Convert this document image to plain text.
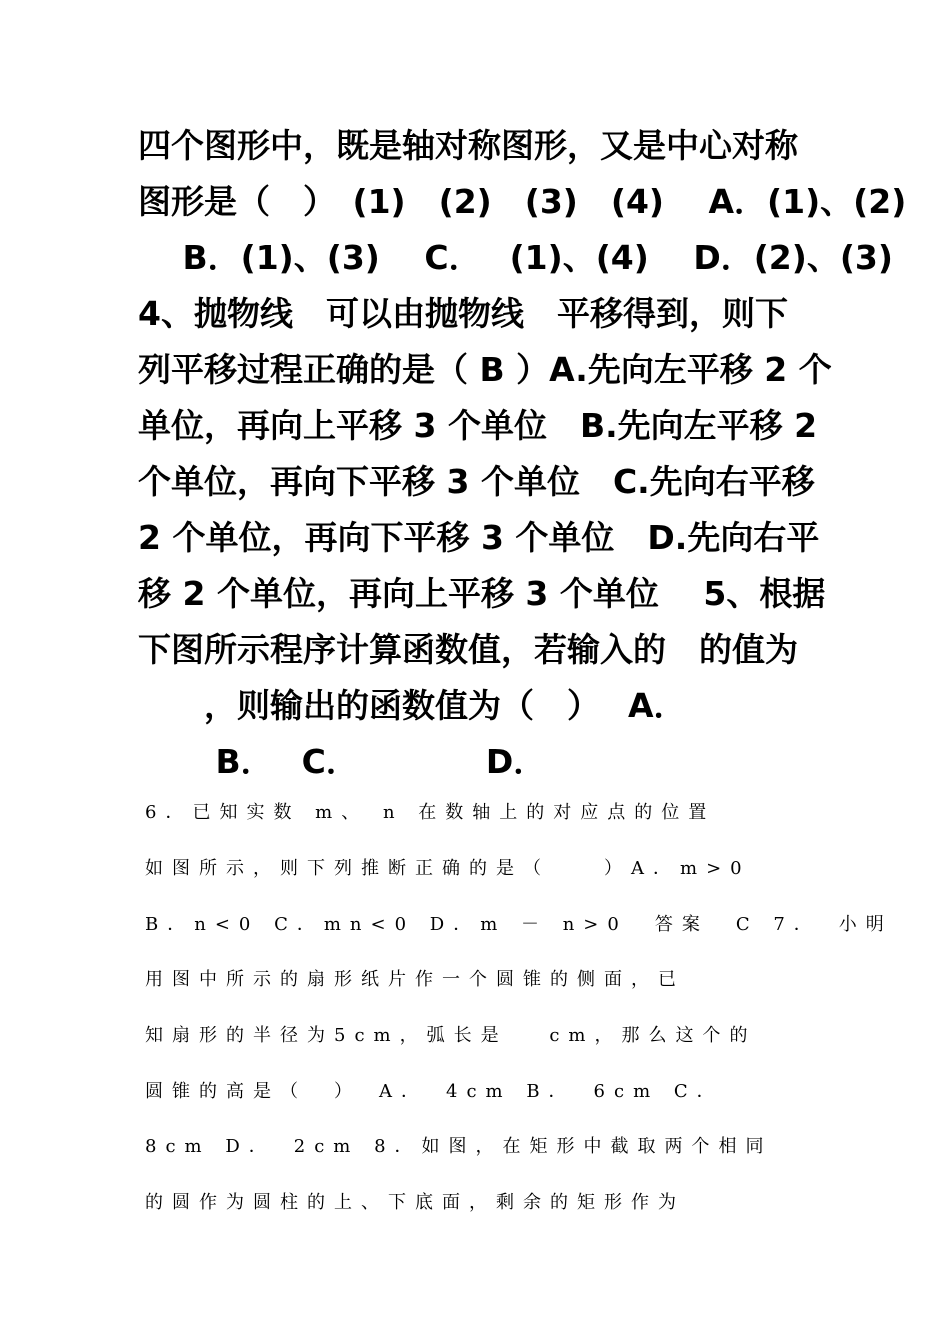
四个图形中，既是轴对称图形，又是中心对称
图形是（　）　(1)　(2)　(3)　(4)　 A．(1)、(2)
　 B．(1)、(3)　 C．　 (1)、(4)　 D．(2)、(3)
4、抛物线　可以由抛物线　平移得到，则下
列平移过程正确的是（ B ）A.先向左平移 2 个
单位，再向上平移 3 个单位　B.先向左平移 2
个单位，再向下平移 3 个单位　C.先向右平移
2 个单位，再向下平移 3 个单位　D.先向右平
移 2 个单位，再向上平移 3 个单位　 5、根据
下图所示程序计算函数值，若输入的　的值为
　　，则输出的函数值为（　）　 A．
　　 B．　 C．　　　　 D．
6．已知实数 m、 n 在数轴上的对应点的位置
如图所示，则下列推断正确的是（　　）A．m>0
B．n<0 C．mn<0 D．m － n>0　答案　C 7．　小明
用图中所示的扇形纸片作一个圆锥的侧面，已
知扇形的半径为5cm，弧长是　 cm，那么这个的
圆锥的高是（　）　A．　4cm B．　6cm C．
8cm D．　2cm 8．如图，在矩形中截取两个相同
的圆作为圆柱的上、下底面，剩余的矩形作为
